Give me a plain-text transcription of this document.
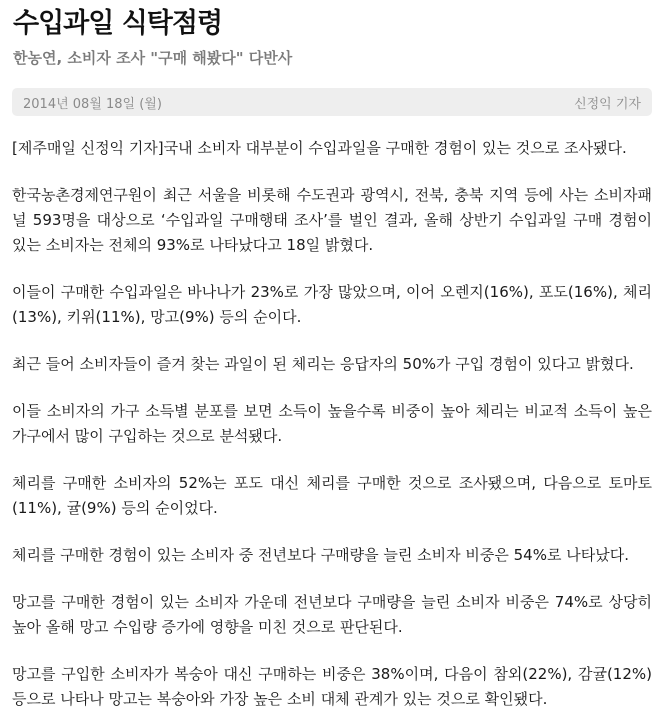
수입과일 식탁점령
한농연, 소비자 조사 "구매 해봤다" 다반사
2014년 08월 18일 (월)	신정익 기자

[제주매일 신정익 기자]국내 소비자 대부분이 수입과일을 구매한 경험이 있는 것으로 조사됐다.

한국농촌경제연구원이 최근 서울을 비롯해 수도권과 광역시, 전북, 충북 지역 등에 사는 소비자패널 593명을 대상으로 ‘수입과일 구매행태 조사’를 벌인 결과, 올해 상반기 수입과일 구매 경험이 있는 소비자는 전체의 93%로 나타났다고 18일 밝혔다.

이들이 구매한 수입과일은 바나나가 23%로 가장 많았으며, 이어 오렌지(16%), 포도(16%), 체리(13%), 키위(11%), 망고(9%) 등의 순이다.

최근 들어 소비자들이 즐겨 찾는 과일이 된 체리는 응답자의 50%가 구입 경험이 있다고 밝혔다.

이들 소비자의 가구 소득별 분포를 보면 소득이 높을수록 비중이 높아 체리는 비교적 소득이 높은 가구에서 많이 구입하는 것으로 분석됐다.

체리를 구매한 소비자의 52%는 포도 대신 체리를 구매한 것으로 조사됐으며, 다음으로 토마토(11%), 귤(9%) 등의 순이었다.

체리를 구매한 경험이 있는 소비자 중 전년보다 구매량을 늘린 소비자 비중은 54%로 나타났다.

망고를 구매한 경험이 있는 소비자 가운데 전년보다 구매량을 늘린 소비자 비중은 74%로 상당히 높아 올해 망고 수입량 증가에 영향을 미친 것으로 판단된다.

망고를 구입한 소비자가 복숭아 대신 구매하는 비중은 38%이며, 다음이 참외(22%), 감귤(12%) 등으로 나타나 망고는 복숭아와 가장 높은 소비 대체 관계가 있는 것으로 확인됐다.
